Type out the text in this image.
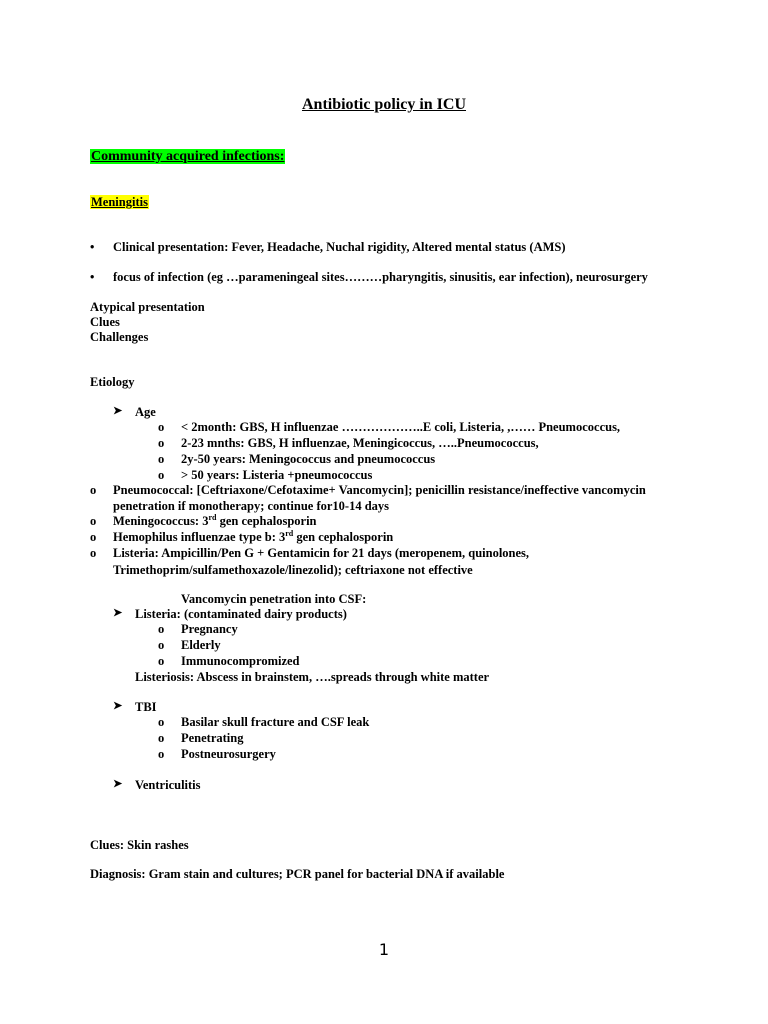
Antibiotic policy in ICU
Community acquired infections:
Meningitis
• Clinical presentation: Fever, Headache, Nuchal rigidity, Altered mental status (AMS)
• focus of infection (eg …parameningeal sites………pharyngitis, sinusitis, ear infection), neurosurgery
Atypical presentation
Clues
Challenges
Etiology
➤ Age
o < 2month: GBS, H influenzae ………………..E coli, Listeria, ,…… Pneumococcus,
o 2-23 mnths: GBS, H influenzae, Meningicoccus, …..Pneumococcus,
o 2y-50 years: Meningococcus and pneumococcus
o > 50 years: Listeria +pneumococcus
o Pneumococcal: [Ceftriaxone/Cefotaxime+ Vancomycin]; penicillin resistance/ineffective vancomycin
penetration if monotherapy; continue for10-14 days
o Meningococcus: 3rd gen cephalosporin
o Hemophilus influenzae type b: 3rd gen cephalosporin
o Listeria: Ampicillin/Pen G + Gentamicin for 21 days (meropenem, quinolones,
Trimethoprim/sulfamethoxazole/linezolid); ceftriaxone not effective
Vancomycin penetration into CSF:
➤ Listeria: (contaminated dairy products)
o Pregnancy
o Elderly
o Immunocompromized
Listeriosis: Abscess in brainstem, ….spreads through white matter
➤ TBI
o Basilar skull fracture and CSF leak
o Penetrating
o Postneurosurgery
➤ Ventriculitis
Clues: Skin rashes
Diagnosis: Gram stain and cultures; PCR panel for bacterial DNA if available
1
